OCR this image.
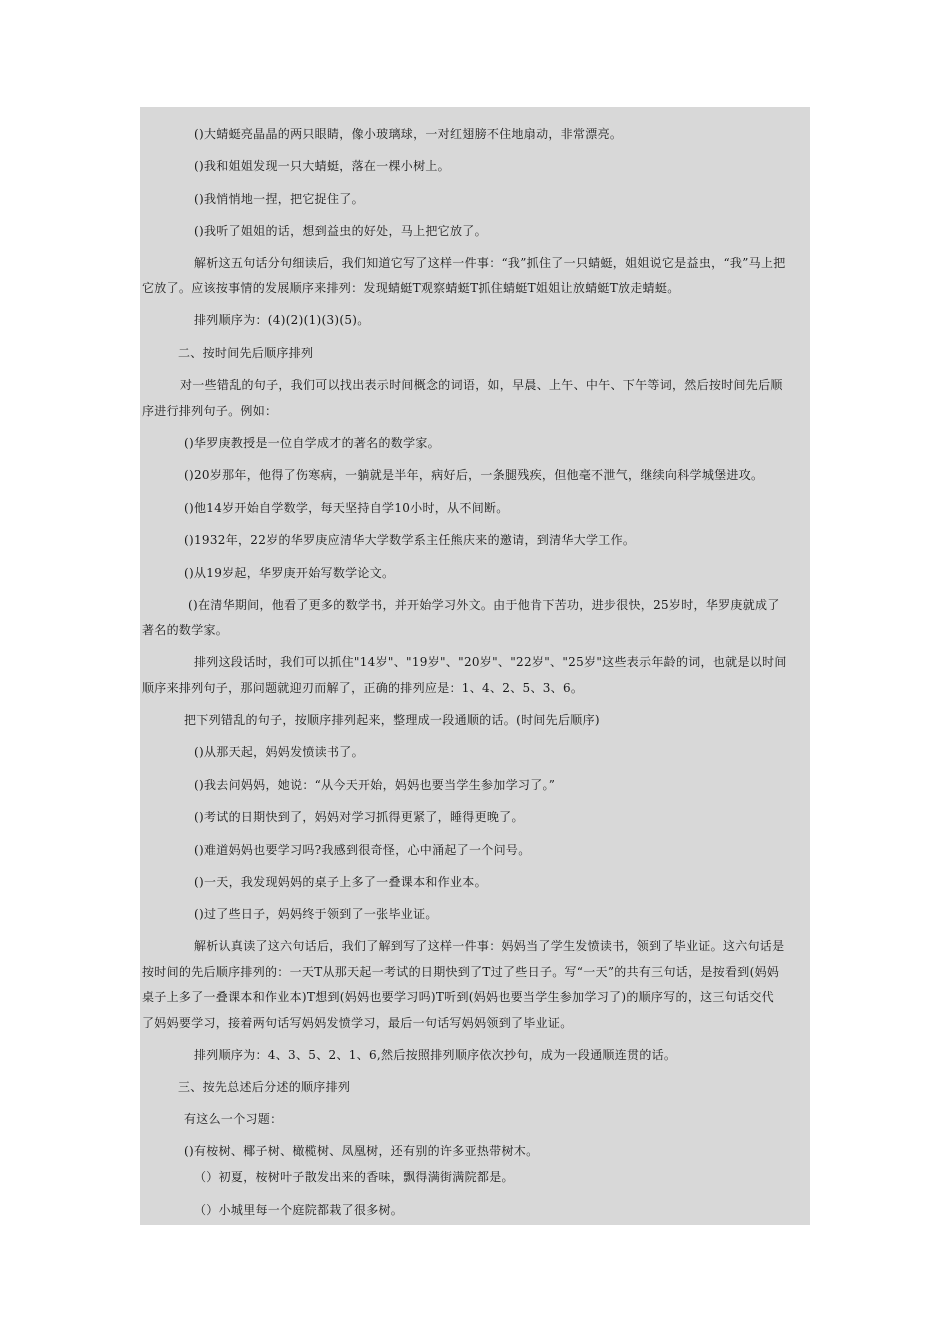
()大蜻蜓亮晶晶的两只眼睛，像小玻璃球，一对红翅膀不住地扇动，非常漂亮。
()我和姐姐发现一只大蜻蜓，落在一棵小树上。
()我悄悄地一捏，把它捉住了。
()我听了姐姐的话，想到益虫的好处，马上把它放了。
解析这五句话分句细读后，我们知道它写了这样一件事：“我”抓住了一只蜻蜓，姐姐说它是益虫，“我”马上把
它放了。应该按事情的发展顺序来排列：发现蜻蜓T观察蜻蜓T抓住蜻蜓T姐姐让放蜻蜓T放走蜻蜓。
排列顺序为：(4)(2)(1)(3)(5)。
二、按时间先后顺序排列
对一些错乱的句子，我们可以找出表示时间概念的词语，如，早晨、上午、中午、下午等词，然后按时间先后顺
序进行排列句子。例如：
()华罗庚教授是一位自学成才的著名的数学家。
()20岁那年，他得了伤寒病，一躺就是半年，病好后，一条腿残疾，但他毫不泄气，继续向科学城堡进攻。
()他14岁开始自学数学，每天坚持自学10小时，从不间断。
()1932年，22岁的华罗庚应清华大学数学系主任熊庆来的邀请，到清华大学工作。
()从19岁起，华罗庚开始写数学论文。
()在清华期间，他看了更多的数学书，并开始学习外文。由于他肯下苦功，进步很快，25岁时，华罗庚就成了
著名的数学家。
排列这段话时，我们可以抓住"14岁"、"19岁"、"20岁"、"22岁"、"25岁"这些表示年龄的词，也就是以时间
顺序来排列句子，那问题就迎刃而解了，正确的排列应是：1、4、2、5、3、6。
把下列错乱的句子，按顺序排列起来，整理成一段通顺的话。(时间先后顺序)
()从那天起，妈妈发愤读书了。
()我去问妈妈，她说：“从今天开始，妈妈也要当学生参加学习了。”
()考试的日期快到了，妈妈对学习抓得更紧了，睡得更晚了。
()难道妈妈也要学习吗?我感到很奇怪，心中涌起了一个问号。
()一天，我发现妈妈的桌子上多了一叠课本和作业本。
()过了些日子，妈妈终于领到了一张毕业证。
解析认真读了这六句话后，我们了解到写了这样一件事：妈妈当了学生发愤读书，领到了毕业证。这六句话是
按时间的先后顺序排列的：一天T从那天起一考试的日期快到了T过了些日子。写“一天”的共有三句话，是按看到(妈妈
桌子上多了一叠课本和作业本)T想到(妈妈也要学习吗)T听到(妈妈也要当学生参加学习了)的顺序写的，这三句话交代
了妈妈要学习，接着两句话写妈妈发愤学习，最后一句话写妈妈领到了毕业证。
排列顺序为：4、3、5、2、1、6,然后按照排列顺序依次抄句，成为一段通顺连贯的话。
三、按先总述后分述的顺序排列
有这么一个习题：
()有桉树、椰子树、橄榄树、凤凰树，还有别的许多亚热带树木。
（）初夏，桉树叶子散发出来的香味，飘得满街满院都是。
（）小城里每一个庭院都栽了很多树。
